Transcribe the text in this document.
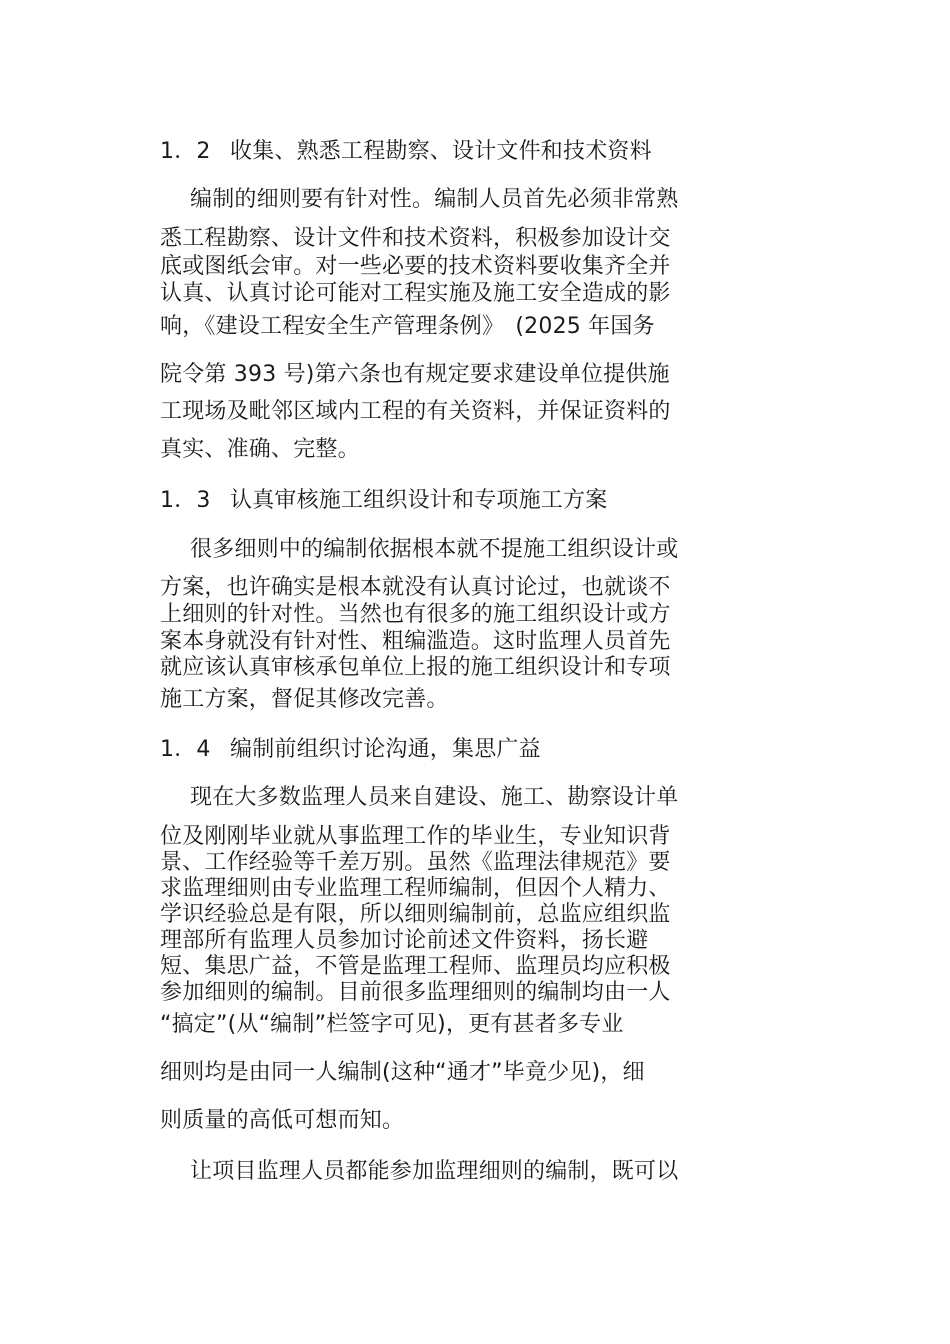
1．2 收集、熟悉工程勘察、设计文件和技术资料
编制的细则要有针对性。编制人员首先必须非常熟
悉工程勘察、设计文件和技术资料，积极参加设计交
底或图纸会审。对一些必要的技术资料要收集齐全并
认真、认真讨论可能对工程实施及施工安全造成的影
响，《建设工程安全生产管理条例》　(2025 年国务
院令第 393 号)第六条也有规定要求建设单位提供施
工现场及毗邻区域内工程的有关资料，并保证资料的
真实、准确、完整。
1．3 认真审核施工组织设计和专项施工方案
很多细则中的编制依据根本就不提施工组织设计或
方案，也许确实是根本就没有认真讨论过，也就谈不
上细则的针对性。当然也有很多的施工组织设计或方
案本身就没有针对性、粗编滥造。这时监理人员首先
就应该认真审核承包单位上报的施工组织设计和专项
施工方案，督促其修改完善。
1．4 编制前组织讨论沟通，集思广益
现在大多数监理人员来自建设、施工、勘察设计单
位及刚刚毕业就从事监理工作的毕业生，专业知识背
景、工作经验等千差万别。虽然《监理法律规范》要
求监理细则由专业监理工程师编制，但因个人精力、
学识经验总是有限，所以细则编制前，总监应组织监
理部所有监理人员参加讨论前述文件资料，扬长避
短、集思广益，不管是监理工程师、监理员均应积极
参加细则的编制。目前很多监理细则的编制均由一人
“搞定”(从“编制”栏签字可见)，更有甚者多专业
细则均是由同一人编制(这种“通才”毕竟少见)，细
则质量的高低可想而知。
让项目监理人员都能参加监理细则的编制，既可以
